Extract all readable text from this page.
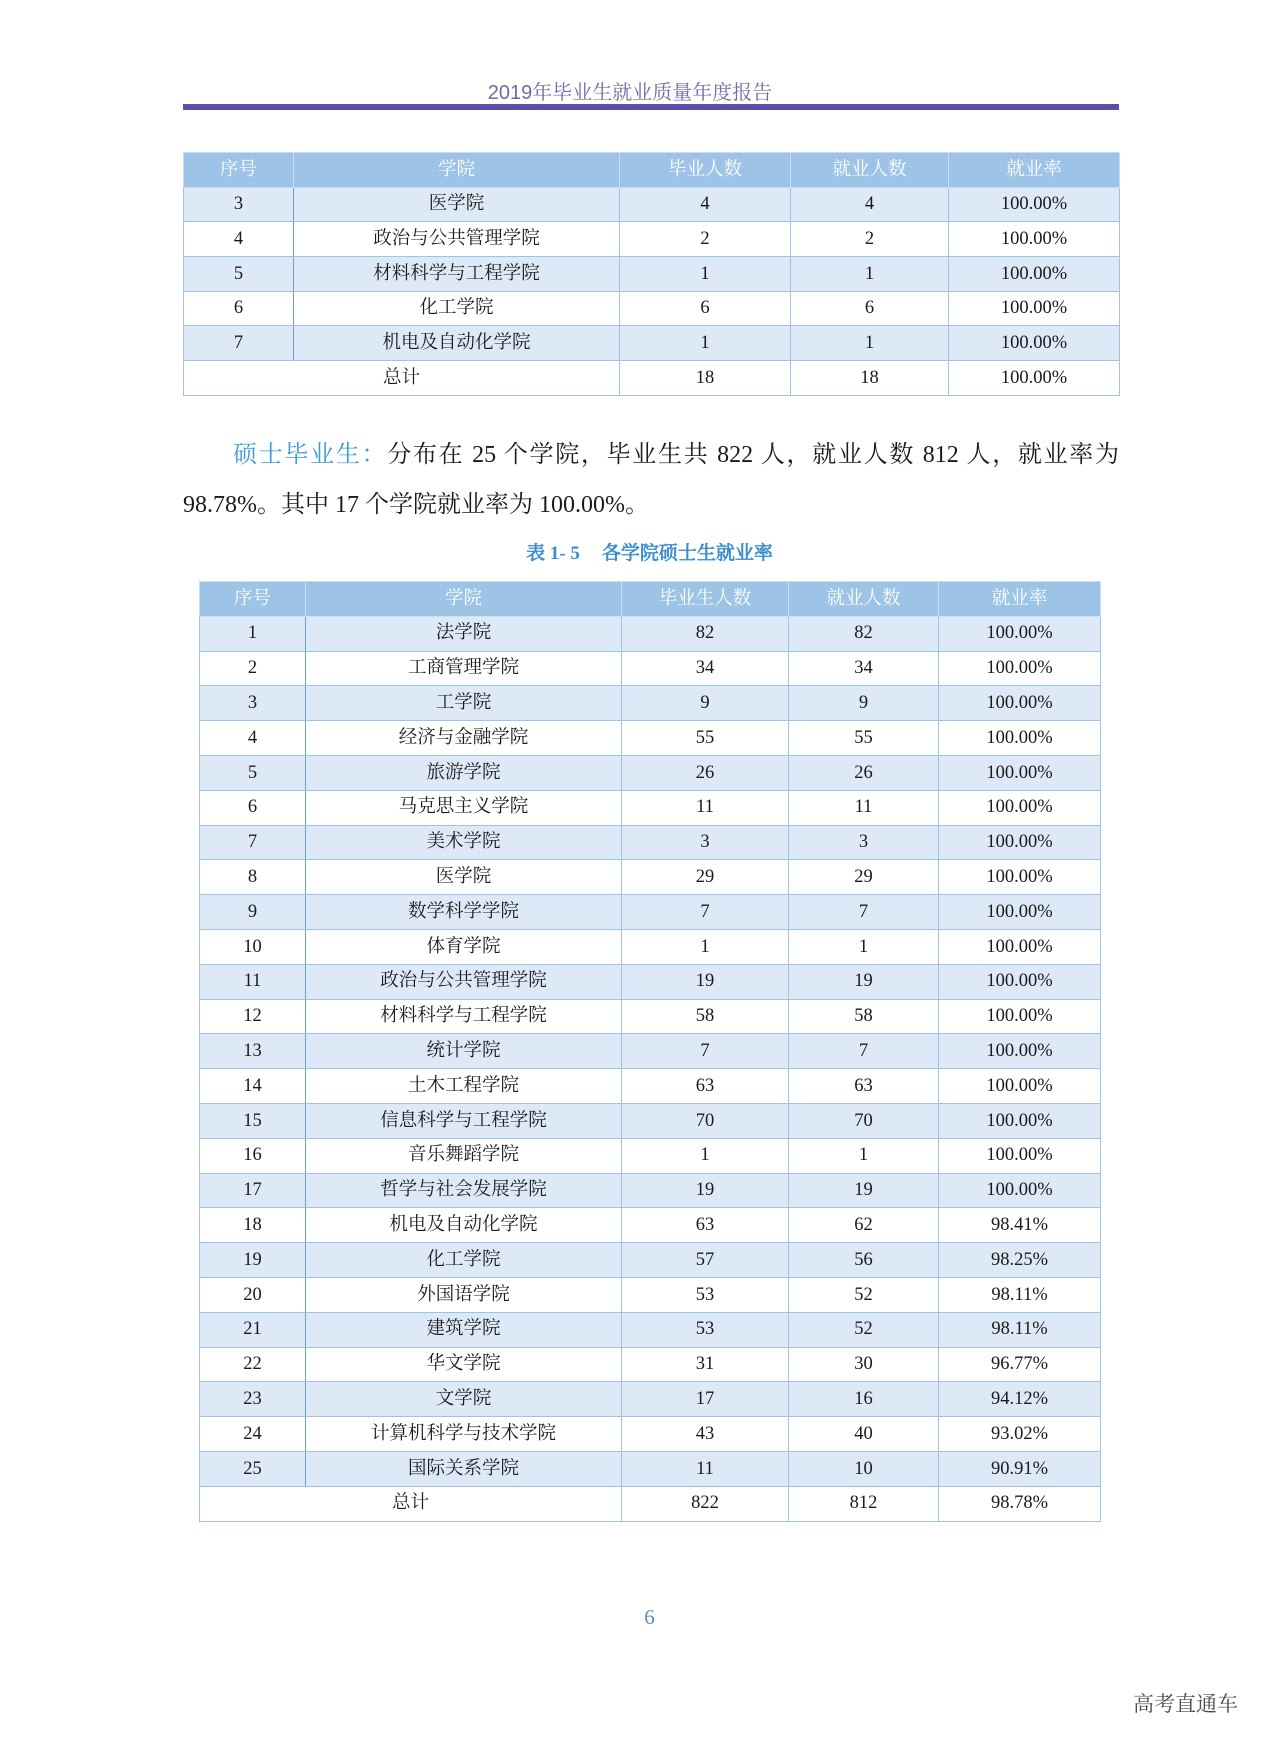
2019年毕业生就业质量年度报告
序号	学院	毕业人数	就业人数	就业率
3	医学院	4	4	100.00%
4	政治与公共管理学院	2	2	100.00%
5	材料科学与工程学院	1	1	100.00%
6	化工学院	6	6	100.00%
7	机电及自动化学院	1	1	100.00%
总计		18	18	100.00%
硕士毕业生：分布在 25 个学院，毕业生共 822 人，就业人数 812 人，就业率为
98.78%。其中 17 个学院就业率为 100.00%。
表 1- 5 各学院硕士生就业率
序号	学院	毕业生人数	就业人数	就业率
1	法学院	82	82	100.00%
2	工商管理学院	34	34	100.00%
3	工学院	9	9	100.00%
4	经济与金融学院	55	55	100.00%
5	旅游学院	26	26	100.00%
6	马克思主义学院	11	11	100.00%
7	美术学院	3	3	100.00%
8	医学院	29	29	100.00%
9	数学科学学院	7	7	100.00%
10	体育学院	1	1	100.00%
11	政治与公共管理学院	19	19	100.00%
12	材料科学与工程学院	58	58	100.00%
13	统计学院	7	7	100.00%
14	土木工程学院	63	63	100.00%
15	信息科学与工程学院	70	70	100.00%
16	音乐舞蹈学院	1	1	100.00%
17	哲学与社会发展学院	19	19	100.00%
18	机电及自动化学院	63	62	98.41%
19	化工学院	57	56	98.25%
20	外国语学院	53	52	98.11%
21	建筑学院	53	52	98.11%
22	华文学院	31	30	96.77%
23	文学院	17	16	94.12%
24	计算机科学与技术学院	43	40	93.02%
25	国际关系学院	11	10	90.91%
总计		822	812	98.78%
6
高考直通车
